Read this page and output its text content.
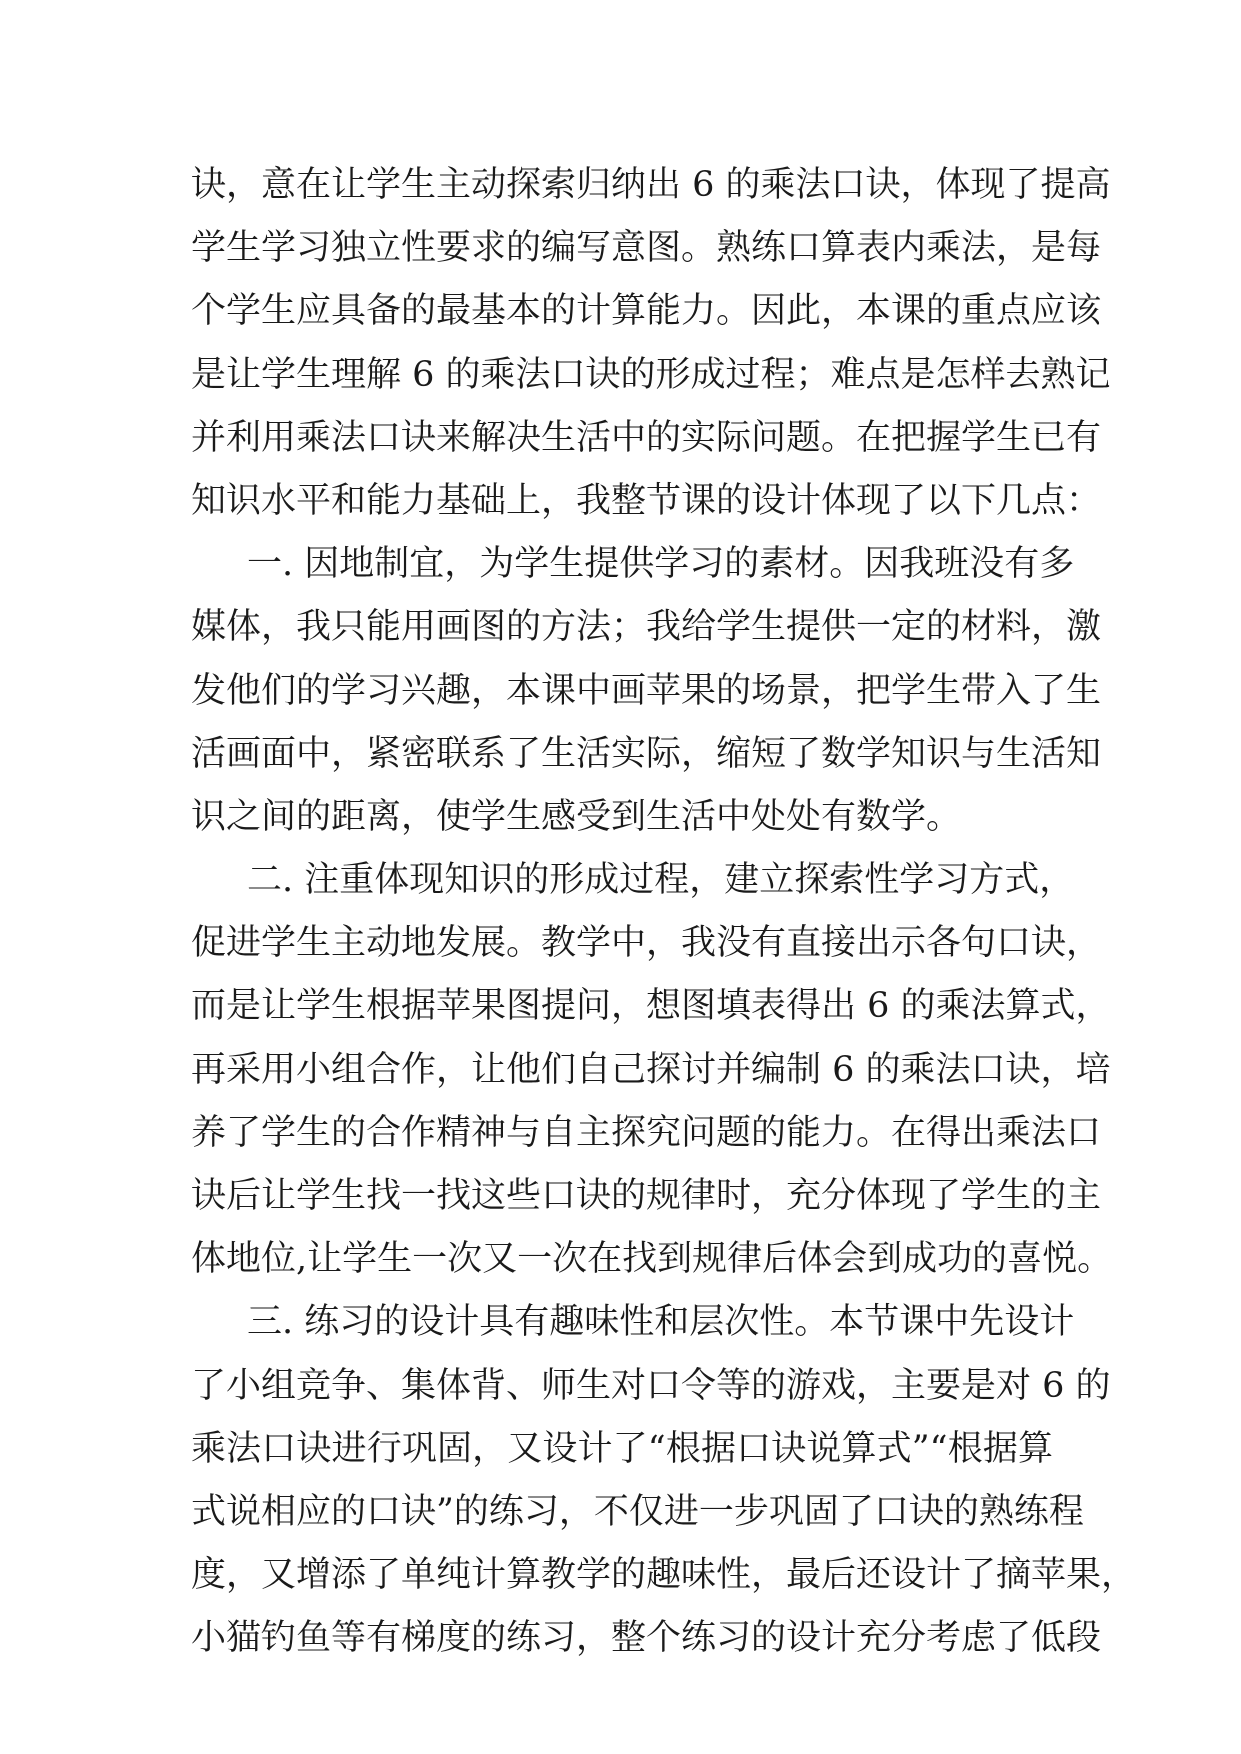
诀，意在让学生主动探索归纳出 6 的乘法口诀，体现了提高
学生学习独立性要求的编写意图。熟练口算表内乘法，是每
个学生应具备的最基本的计算能力。因此，本课的重点应该
是让学生理解 6 的乘法口诀的形成过程；难点是怎样去熟记
并利用乘法口诀来解决生活中的实际问题。在把握学生已有
知识水平和能力基础上，我整节课的设计体现了以下几点：
一. 因地制宜，为学生提供学习的素材。因我班没有多
媒体，我只能用画图的方法；我给学生提供一定的材料，激
发他们的学习兴趣，本课中画苹果的场景，把学生带入了生
活画面中，紧密联系了生活实际，缩短了数学知识与生活知
识之间的距离，使学生感受到生活中处处有数学。
二. 注重体现知识的形成过程，建立探索性学习方式，
促进学生主动地发展。教学中，我没有直接出示各句口诀，
而是让学生根据苹果图提问，想图填表得出 6 的乘法算式，
再采用小组合作，让他们自己探讨并编制 6 的乘法口诀，培
养了学生的合作精神与自主探究问题的能力。在得出乘法口
诀后让学生找一找这些口诀的规律时，充分体现了学生的主
体地位,让学生一次又一次在找到规律后体会到成功的喜悦。
三. 练习的设计具有趣味性和层次性。本节课中先设计
了小组竞争、集体背、师生对口令等的游戏，主要是对 6 的
乘法口诀进行巩固，又设计了“根据口诀说算式”“根据算
式说相应的口诀”的练习，不仅进一步巩固了口诀的熟练程
度，又增添了单纯计算教学的趣味性，最后还设计了摘苹果，
小猫钓鱼等有梯度的练习，整个练习的设计充分考虑了低段
